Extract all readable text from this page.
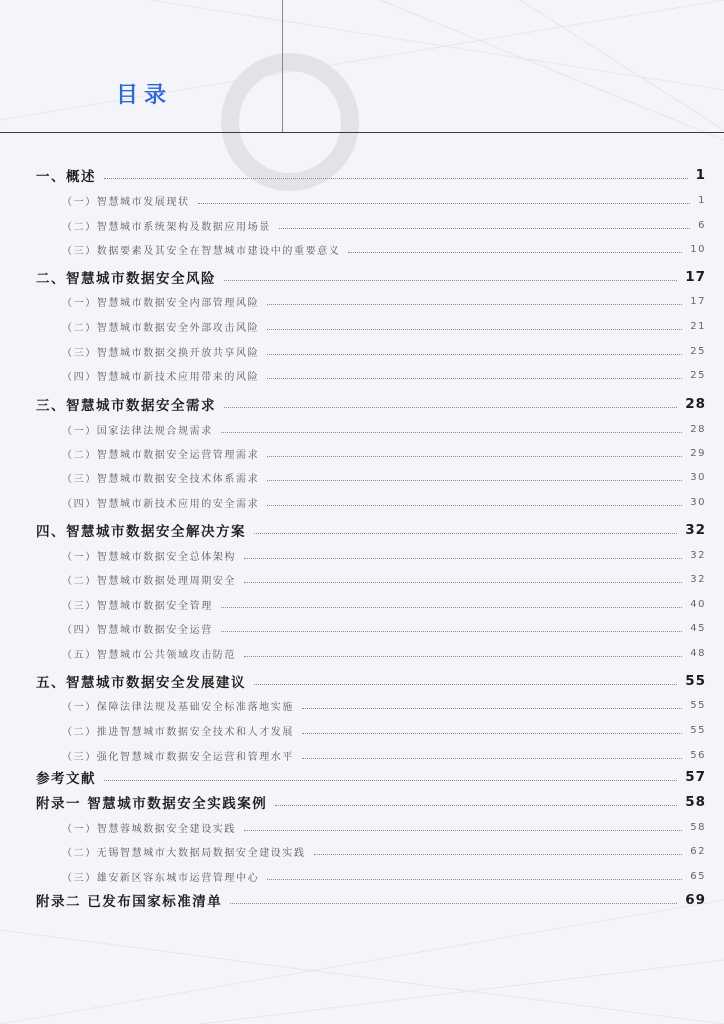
目录
一、概述	1
（一）智慧城市发展现状	1
（二）智慧城市系统架构及数据应用场景	6
（三）数据要素及其安全在智慧城市建设中的重要意义	10
二、智慧城市数据安全风险	17
（一）智慧城市数据安全内部管理风险	17
（二）智慧城市数据安全外部攻击风险	21
（三）智慧城市数据交换开放共享风险	25
（四）智慧城市新技术应用带来的风险	25
三、智慧城市数据安全需求	28
（一）国家法律法规合规需求	28
（二）智慧城市数据安全运营管理需求	29
（三）智慧城市数据安全技术体系需求	30
（四）智慧城市新技术应用的安全需求	30
四、智慧城市数据安全解决方案	32
（一）智慧城市数据安全总体架构	32
（二）智慧城市数据处理周期安全	32
（三）智慧城市数据安全管理	40
（四）智慧城市数据安全运营	45
（五）智慧城市公共领域攻击防范	48
五、智慧城市数据安全发展建议	55
（一）保障法律法规及基础安全标准落地实施	55
（二）推进智慧城市数据安全技术和人才发展	55
（三）强化智慧城市数据安全运营和管理水平	56
参考文献	57
附录一 智慧城市数据安全实践案例	58
（一）智慧蓉城数据安全建设实践	58
（二）无锡智慧城市大数据局数据安全建设实践	62
（三）雄安新区容东城市运营管理中心	65
附录二 已发布国家标准清单	69
